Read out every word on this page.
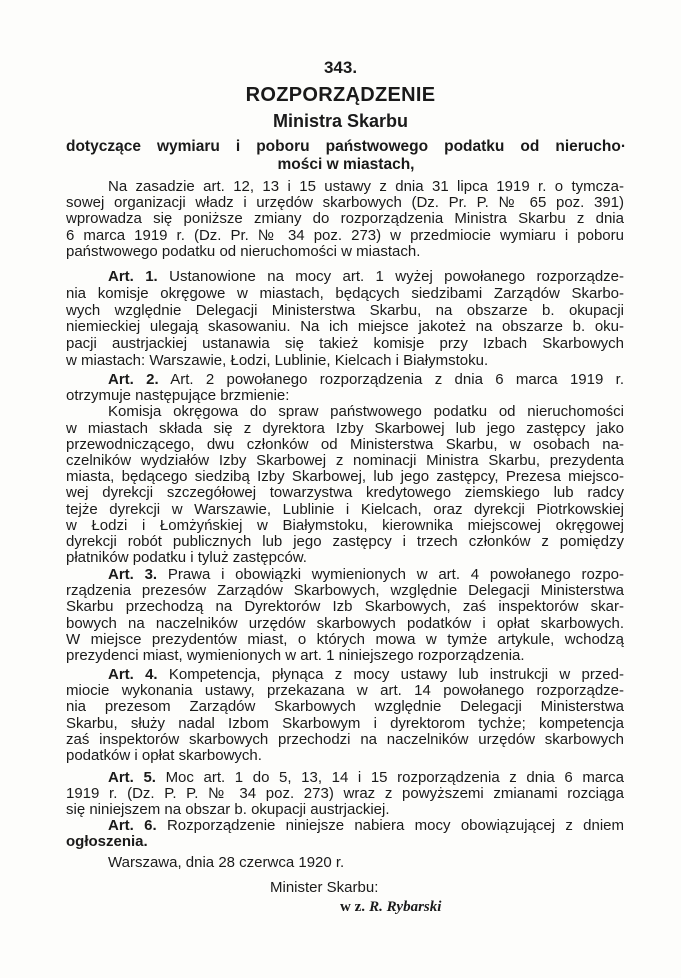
343.
ROZPORZĄDZENIE
Ministra Skarbu
dotyczące wymiaru i poboru państwowego podatku od nierucho·
mości w miastach,
Na zasadzie art. 12, 13 i 15 ustawy z dnia 31 lipca 1919 r. o tymcza-
sowej organizacji władz i urzędów skarbowych (Dz. Pr. P. № 65 poz. 391)
wprowadza się poniższe zmiany do rozporządzenia Ministra Skarbu z dnia
6 marca 1919 r. (Dz. Pr. № 34 poz. 273) w przedmiocie wymiaru i poboru
państwowego podatku od nieruchomości w miastach.
Art. 1. Ustanowione na mocy art. 1 wyżej powołanego rozporządze-
nia komisje okręgowe w miastach, będących siedzibami Zarządów Skarbo-
wych względnie Delegacji Ministerstwa Skarbu, na obszarze b. okupacji
niemieckiej ulegają skasowaniu. Na ich miejsce jakoteż na obszarze b. oku-
pacji austrjackiej ustanawia się takież komisje przy Izbach Skarbowych
w miastach: Warszawie, Łodzi, Lublinie, Kielcach i Białymstoku.
Art. 2. Art. 2 powołanego rozporządzenia z dnia 6 marca 1919 r.
otrzymuje następujące brzmienie:
Komisja okręgowa do spraw państwowego podatku od nieruchomości
w miastach składa się z dyrektora Izby Skarbowej lub jego zastępcy jako
przewodniczącego, dwu członków od Ministerstwa Skarbu, w osobach na-
czelników wydziałów Izby Skarbowej z nominacji Ministra Skarbu, prezydenta
miasta, będącego siedzibą Izby Skarbowej, lub jego zastępcy, Prezesa miejsco-
wej dyrekcji szczegółowej towarzystwa kredytowego ziemskiego lub radcy
tejże dyrekcji w Warszawie, Lublinie i Kielcach, oraz dyrekcji Piotrkowskiej
w Łodzi i Łomżyńskiej w Białymstoku, kierownika miejscowej okręgowej
dyrekcji robót publicznych lub jego zastępcy i trzech członków z pomiędzy
płatników podatku i tyluż zastępców.
Art. 3. Prawa i obowiązki wymienionych w art. 4 powołanego rozpo-
rządzenia prezesów Zarządów Skarbowych, względnie Delegacji Ministerstwa
Skarbu przechodzą na Dyrektorów Izb Skarbowych, zaś inspektorów skar-
bowych na naczelników urzędów skarbowych podatków i opłat skarbowych.
W miejsce prezydentów miast, o których mowa w tymże artykule, wchodzą
prezydenci miast, wymienionych w art. 1 niniejszego rozporządzenia.
Art. 4. Kompetencja, płynąca z mocy ustawy lub instrukcji w przed-
miocie wykonania ustawy, przekazana w art. 14 powołanego rozporządze-
nia prezesom Zarządów Skarbowych względnie Delegacji Ministerstwa
Skarbu, służy nadal Izbom Skarbowym i dyrektorom tychże; kompetencja
zaś inspektorów skarbowych przechodzi na naczelników urzędów skarbowych
podatków i opłat skarbowych.
Art. 5. Moc art. 1 do 5, 13, 14 i 15 rozporządzenia z dnia 6 marca
1919 r. (Dz. P. P. № 34 poz. 273) wraz z powyższemi zmianami rozciąga
się niniejszem na obszar b. okupacji austrjackiej.
Art. 6. Rozporządzenie niniejsze nabiera mocy obowiązującej z dniem
ogłoszenia.
Warszawa, dnia 28 czerwca 1920 r.
Minister Skarbu:
w z. R. Rybarski
